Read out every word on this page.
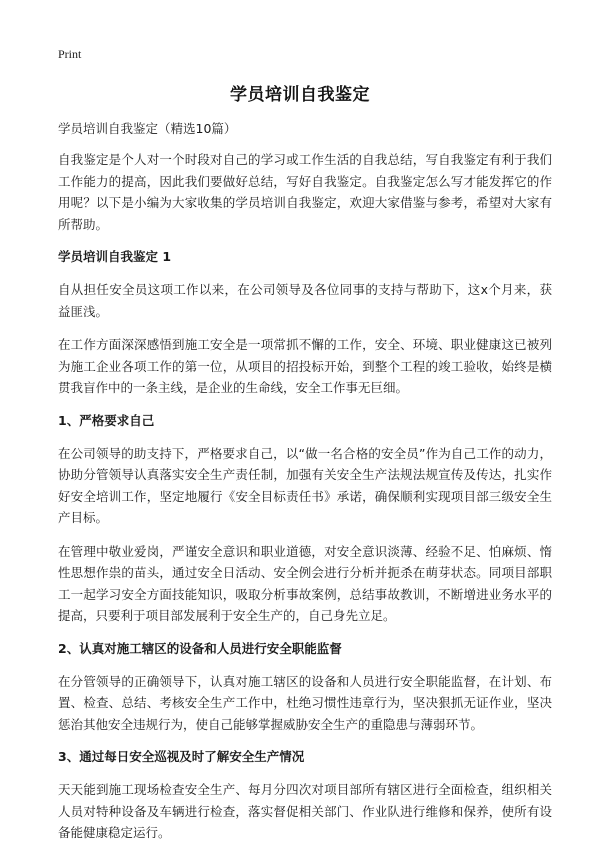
Print
学员培训自我鉴定

学员培训自我鉴定（精选10篇）

自我鉴定是个人对一个时段对自己的学习或工作生活的自我总结，写自我鉴定有利于我们工作能力的提高，因此我们要做好总结，写好自我鉴定。自我鉴定怎么写才能发挥它的作用呢？以下是小编为大家收集的学员培训自我鉴定，欢迎大家借鉴与参考，希望对大家有所帮助。

学员培训自我鉴定 1

自从担任安全员这项工作以来，在公司领导及各位同事的支持与帮助下，这x个月来，获益匪浅。

在工作方面深深感悟到施工安全是一项常抓不懈的工作，安全、环境、职业健康这已被列为施工企业各项工作的第一位，从项目的招投标开始，到整个工程的竣工验收，始终是横贯我盲作中的一条主线，是企业的生命线，安全工作事无巨细。

1、严格要求自己

在公司领导的助支持下，严格要求自己，以“做一名合格的安全员”作为自己工作的动力，协助分管领导认真落实安全生产责任制，加强有关安全生产法规法规宣传及传达，扎实作好安全培训工作，坚定地履行《安全目标责任书》承诺，确保顺利实现项目部三级安全生产目标。

在管理中敬业爱岗，严谨安全意识和职业道德，对安全意识淡薄、经验不足、怕麻烦、惰性思想作祟的苗头，通过安全日活动、安全例会进行分析并扼杀在萌芽状态。同项目部职工一起学习安全方面技能知识，吸取分析事故案例，总结事故教训，不断增进业务水平的提高，只要利于项目部发展利于安全生产的，自己身先立足。

2、认真对施工辖区的设备和人员进行安全职能监督

在分管领导的正确领导下，认真对施工辖区的设备和人员进行安全职能监督，在计划、布置、检查、总结、考核安全生产工作中，杜绝习惯性违章行为，坚决狠抓无证作业，坚决惩治其他安全违规行为，使自己能够掌握威胁安全生产的重隐患与薄弱环节。

3、通过每日安全巡视及时了解安全生产情况

天天能到施工现场检查安全生产、每月分四次对项目部所有辖区进行全面检查，组织相关人员对特种设备及车辆进行检查，落实督促相关部门、作业队进行维修和保养，使所有设备能健康稳定运行。
